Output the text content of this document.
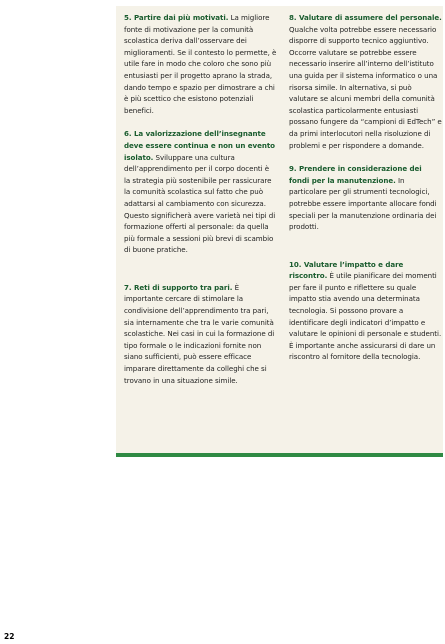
5. Partire dai più motivati. La migliore fonte di motivazione per la comunità scolastica deriva dall’osservare dei miglioramenti. Se il contesto lo permette, è utile fare in modo che coloro che sono più entusiasti per il progetto aprano la strada, dando tempo e spazio per dimostrare a chi è più scettico che esistono potenziali benefici.

6. La valorizzazione dell’insegnante deve essere continua e non un evento isolato. Sviluppare una cultura dell’apprendimento per il corpo docenti è la strategia più sostenibile per rassicurare la comunità scolastica sul fatto che può adattarsi al cambiamento con sicurezza. Questo significherà avere varietà nei tipi di formazione offerti al personale: da quella più formale a sessioni più brevi di scambio di buone pratiche.

7. Reti di supporto tra pari. È importante cercare di stimolare la condivisione dell’apprendimento tra pari, sia internamente che tra le varie comunità scolastiche. Nei casi in cui la formazione di tipo formale o le indicazioni fornite non siano sufficienti, può essere efficace imparare direttamente da colleghi che si trovano in una situazione simile.

8. Valutare di assumere del personale. Qualche volta potrebbe essere necessario disporre di supporto tecnico aggiuntivo. Occorre valutare se potrebbe essere necessario inserire all’interno dell’istituto una guida per il sistema informatico o una risorsa simile. In alternativa, si può valutare se alcuni membri della comunità scolastica particolarmente entusiasti possano fungere da “campioni di EdTech” e da primi interlocutori nella risoluzione di problemi e per rispondere a domande.

9. Prendere in considerazione dei fondi per la manutenzione. In particolare per gli strumenti tecnologici, potrebbe essere importante allocare fondi speciali per la manutenzione ordinaria dei prodotti.

10. Valutare l’impatto e dare riscontro. È utile pianificare dei momenti per fare il punto e riflettere su quale impatto stia avendo una determinata tecnologia. Si possono provare a identificare degli indicatori d’impatto e valutare le opinioni di personale e studenti. È importante anche assicurarsi di dare un riscontro al fornitore della tecnologia.

22
